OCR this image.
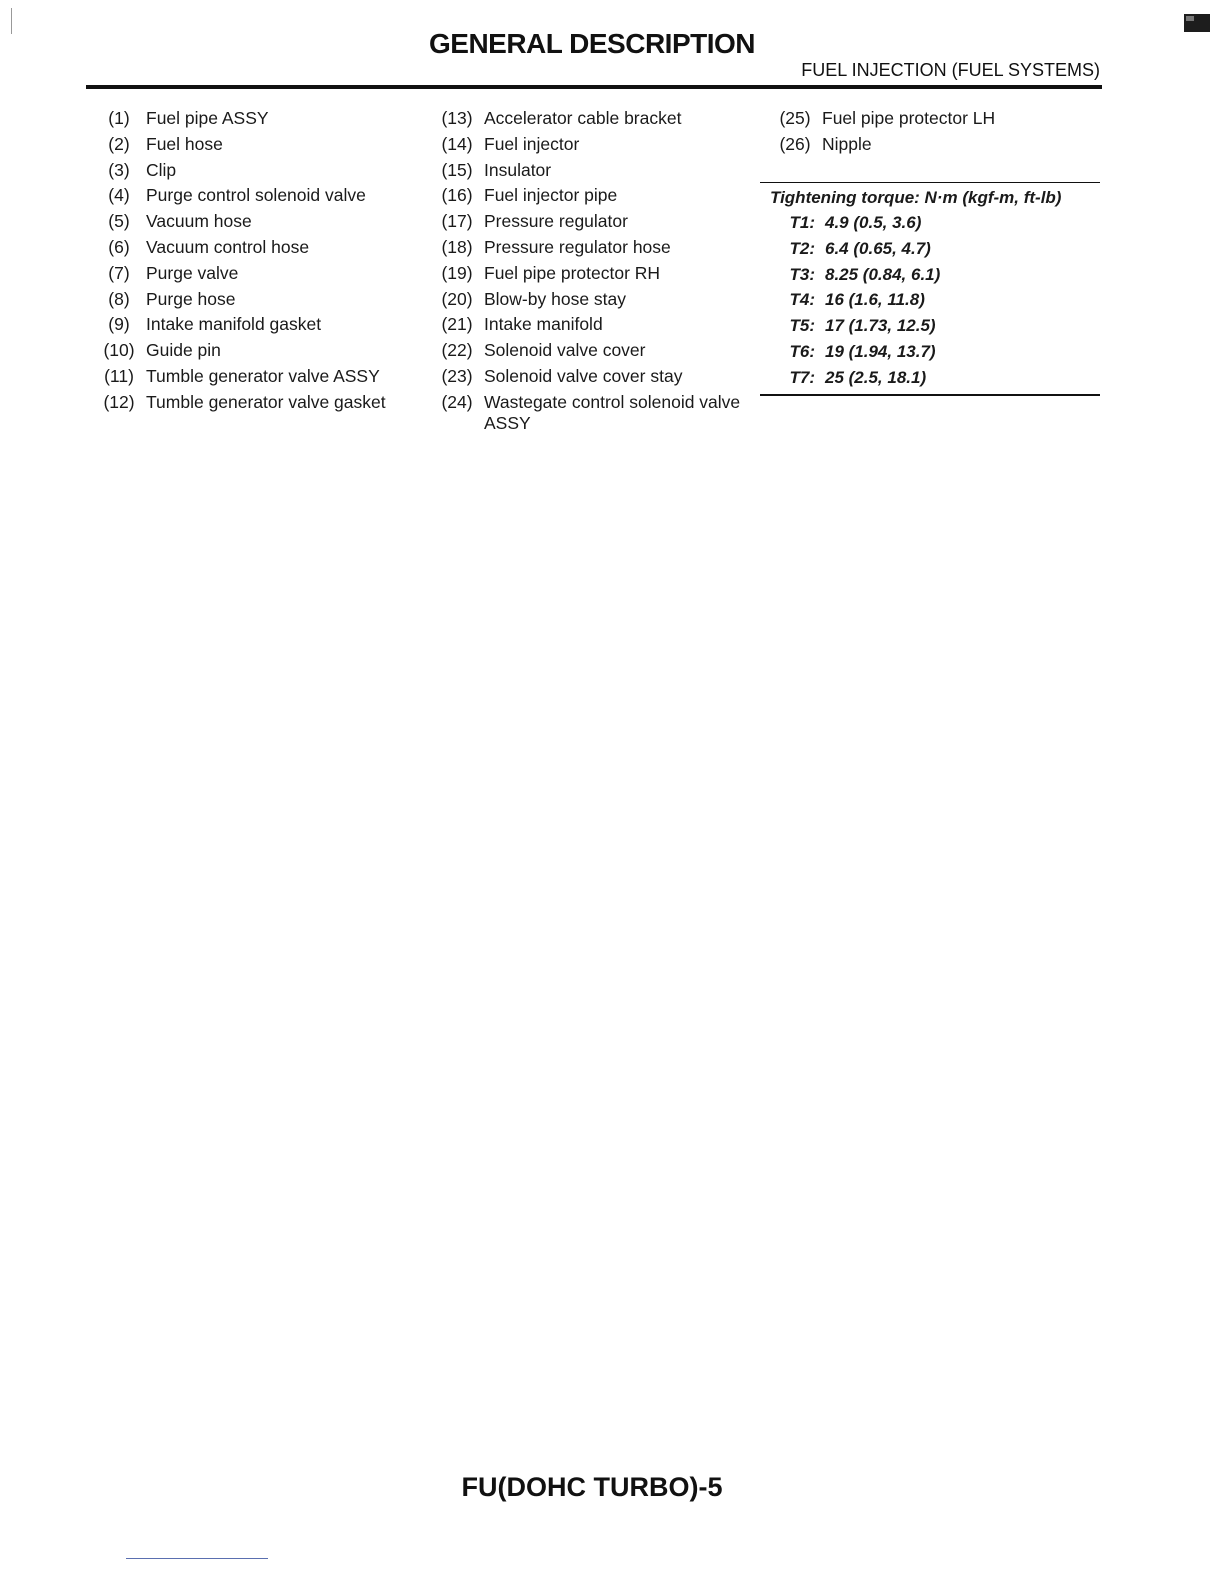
GENERAL DESCRIPTION
FUEL INJECTION (FUEL SYSTEMS)
(1) Fuel pipe ASSY
(2) Fuel hose
(3) Clip
(4) Purge control solenoid valve
(5) Vacuum hose
(6) Vacuum control hose
(7) Purge valve
(8) Purge hose
(9) Intake manifold gasket
(10) Guide pin
(11) Tumble generator valve ASSY
(12) Tumble generator valve gasket
(13) Accelerator cable bracket
(14) Fuel injector
(15) Insulator
(16) Fuel injector pipe
(17) Pressure regulator
(18) Pressure regulator hose
(19) Fuel pipe protector RH
(20) Blow-by hose stay
(21) Intake manifold
(22) Solenoid valve cover
(23) Solenoid valve cover stay
(24) Wastegate control solenoid valve
ASSY
(25) Fuel pipe protector LH
(26) Nipple
Tightening torque: N·m (kgf-m, ft-lb)
T1: 4.9 (0.5, 3.6)
T2: 6.4 (0.65, 4.7)
T3: 8.25 (0.84, 6.1)
T4: 16 (1.6, 11.8)
T5: 17 (1.73, 12.5)
T6: 19 (1.94, 13.7)
T7: 25 (2.5, 18.1)
FU(DOHC TURBO)-5
